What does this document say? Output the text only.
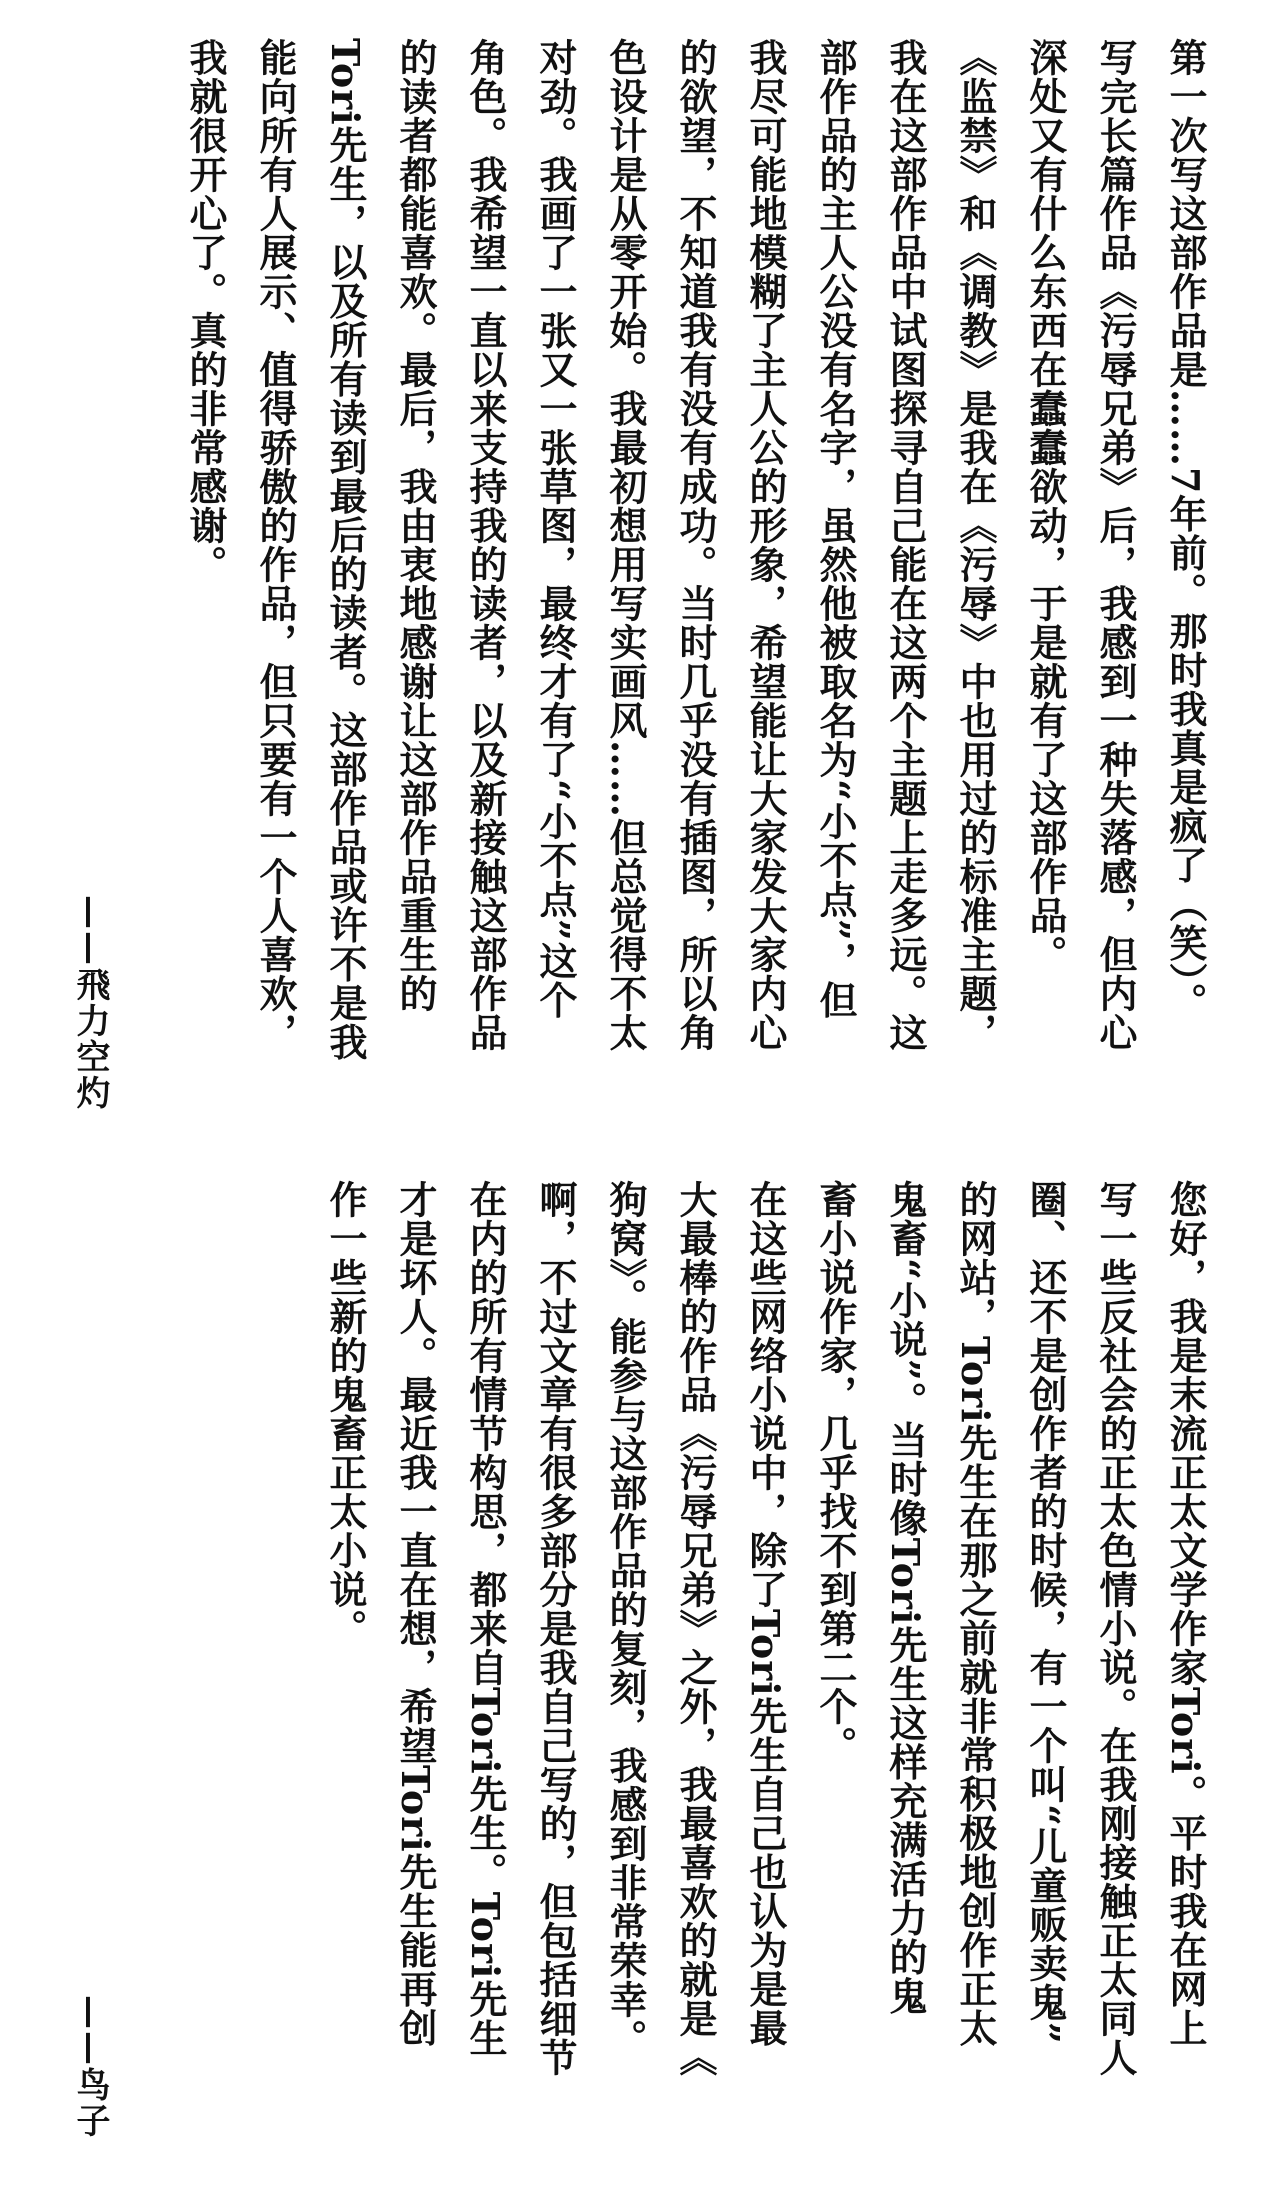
第一次写这部作品是……7年前。那时我真是疯了（笑）。

写完长篇作品《污辱兄弟》后，我感到一种失落感，但内心

深处又有什么东西在蠢蠢欲动，于是就有了这部作品。

《监禁》和《调教》是我在《污辱》中也用过的标准主题，

我在这部作品中试图探寻自己能在这两个主题上走多远。这

部作品的主人公没有名字，虽然他被取名为“小不点”，但

我尽可能地模糊了主人公的形象，希望能让大家发大家内心

的欲望，不知道我有没有成功。当时几乎没有插图，所以角

色设计是从零开始。我最初想用写实画风……但总觉得不太

对劲。我画了一张又一张草图，最终才有了“小不点”这个

角色。我希望一直以来支持我的读者，以及新接触这部作品

的读者都能喜欢。最后，我由衷地感谢让这部作品重生的

Tori先生，以及所有读到最后的读者。这部作品或许不是我

能向所有人展示、值得骄傲的作品，但只要有一个人喜欢，

我就很开心了。真的非常感谢。

——飛力空灼

您好，我是末流正太文学作家Tori。平时我在网上

写一些反社会的正太色情小说。在我刚接触正太同人

圈、还不是创作者的时候，有一个叫“儿童贩卖鬼”

的网站，Tori先生在那之前就非常积极地创作正太

鬼畜“小说”。当时像Tori先生这样充满活力的鬼

畜小说作家，几乎找不到第二个。

在这些网络小说中，除了Tori先生自己也认为是最

大最棒的作品《污辱兄弟》之外，我最喜欢的就是《

狗窝》。能参与这部作品的复刻，我感到非常荣幸。

啊，不过文章有很多部分是我自己写的，但包括细节

在内的所有情节构思，都来自Tori先生。Tori先生

才是坏人。最近我一直在想，希望Tori先生能再创

作一些新的鬼畜正太小说。

——鸟子
